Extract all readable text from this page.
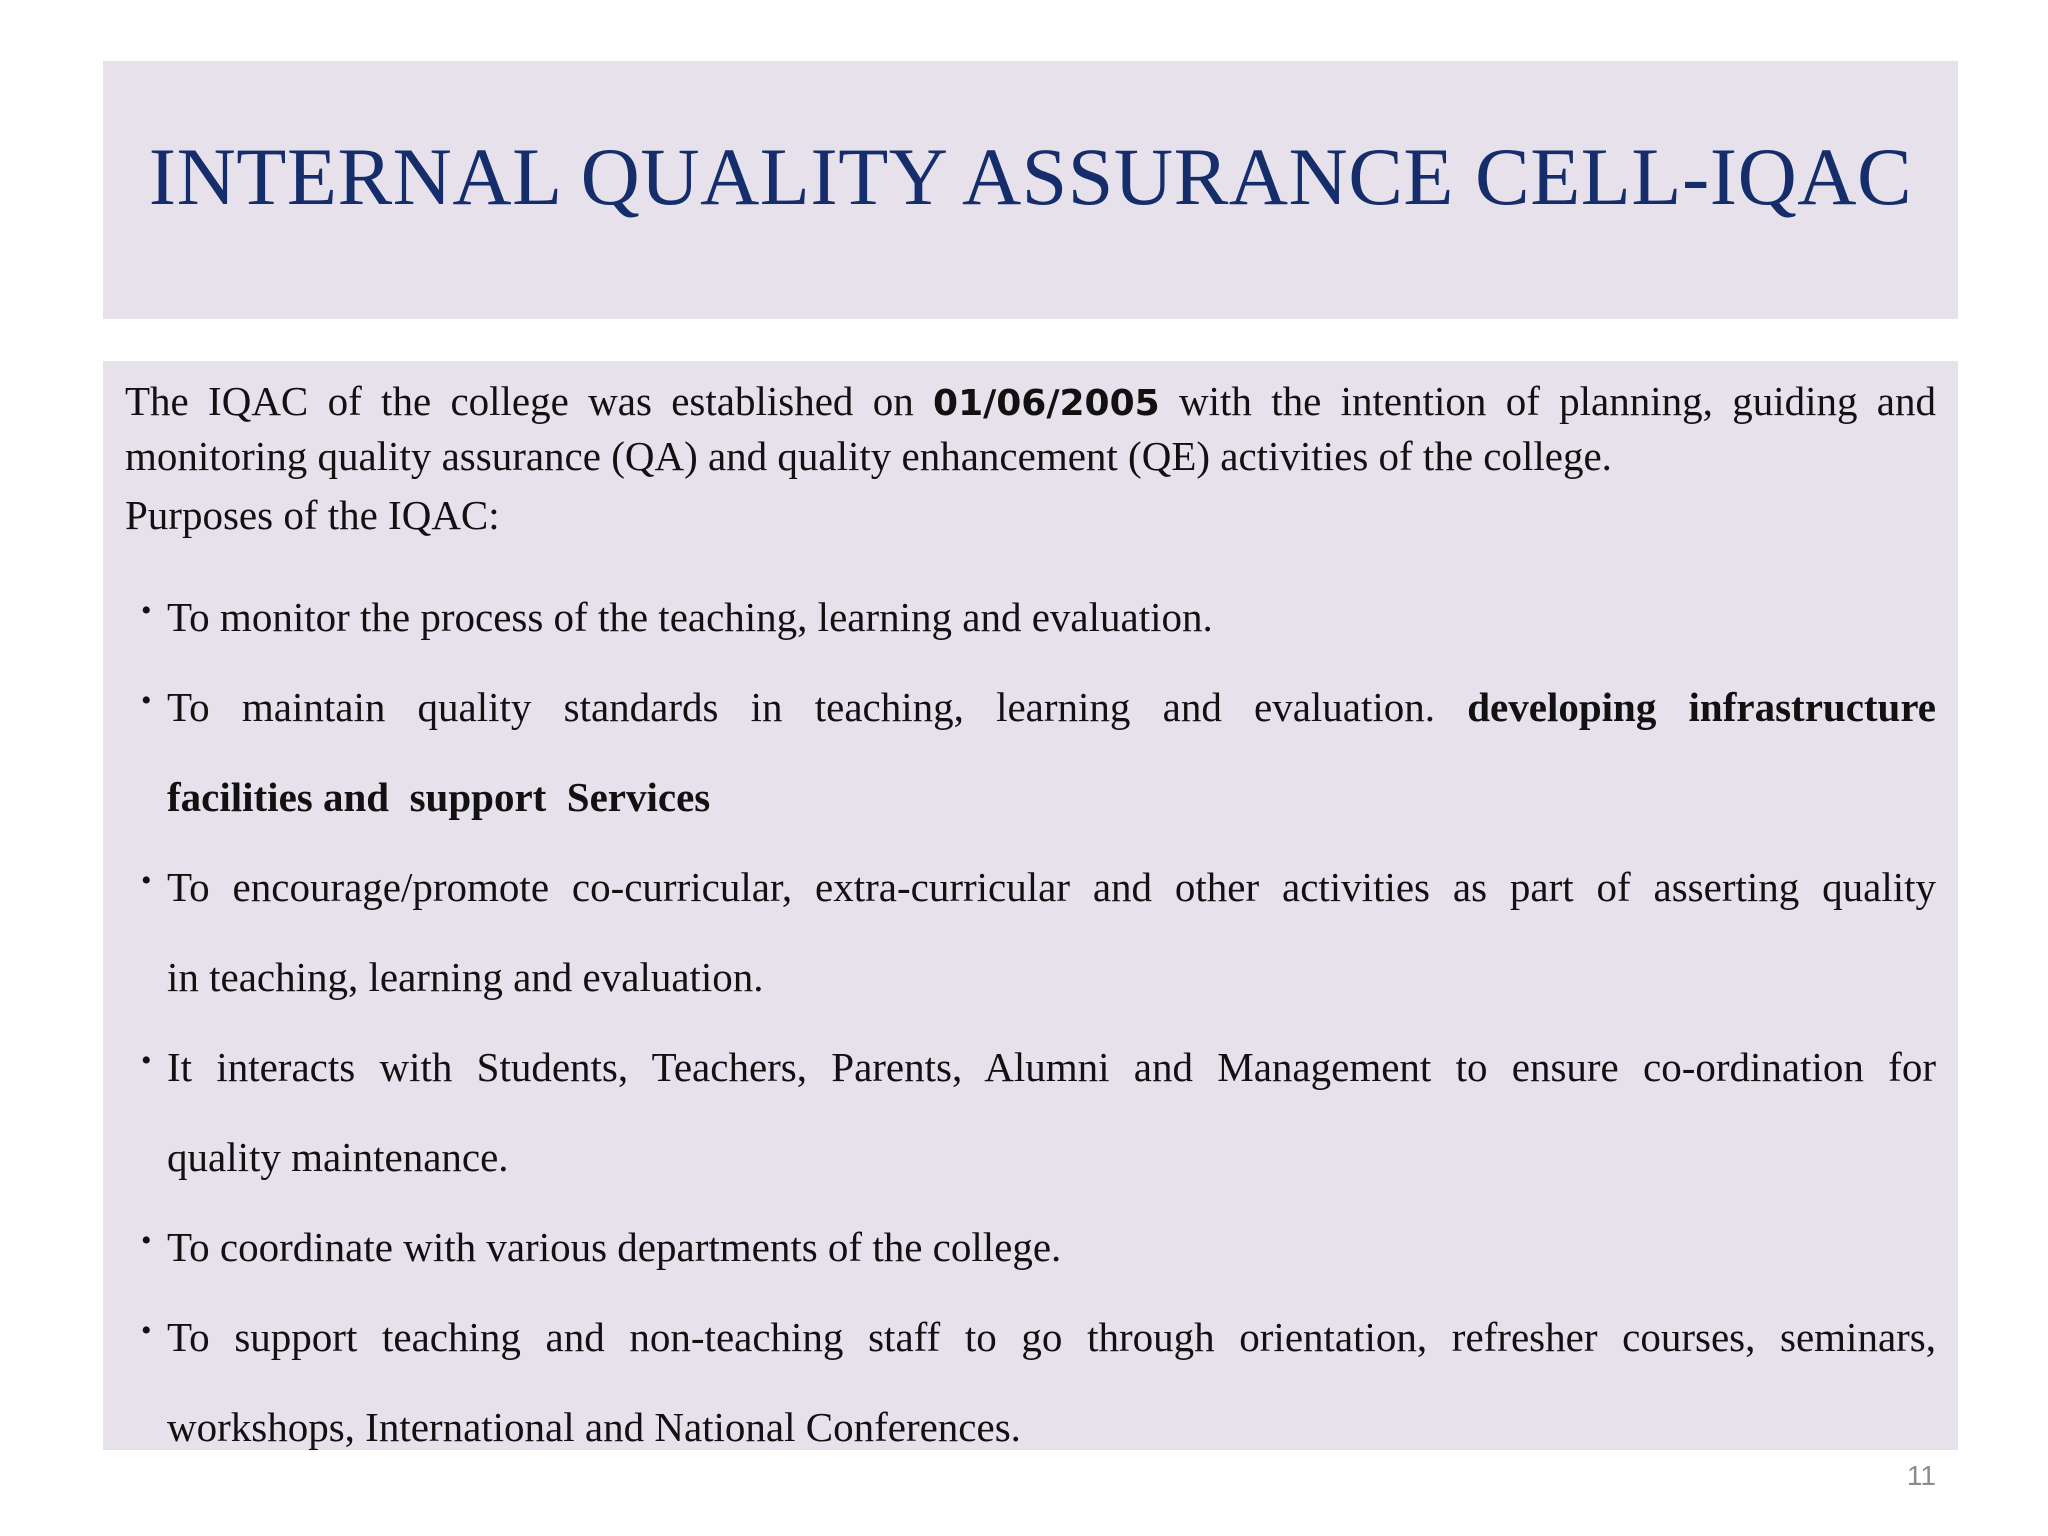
INTERNAL QUALITY ASSURANCE CELL-IQAC

The IQAC of the college was established on 01/06/2005 with the intention of planning, guiding and
monitoring quality assurance (QA) and quality enhancement (QE) activities of the college.

Purposes of the IQAC:

• To monitor the process of the teaching, learning and evaluation.
• To maintain quality standards in teaching, learning and evaluation. developing infrastructure
facilities and  support  Services
• To encourage/promote co-curricular, extra-curricular and other activities as part of asserting quality
in teaching, learning and evaluation.
• It interacts with Students, Teachers, Parents, Alumni and Management to ensure co-ordination for
quality maintenance.
• To coordinate with various departments of the college.
• To support teaching and non-teaching staff to go through orientation, refresher courses, seminars,
workshops, International and National Conferences.
11
